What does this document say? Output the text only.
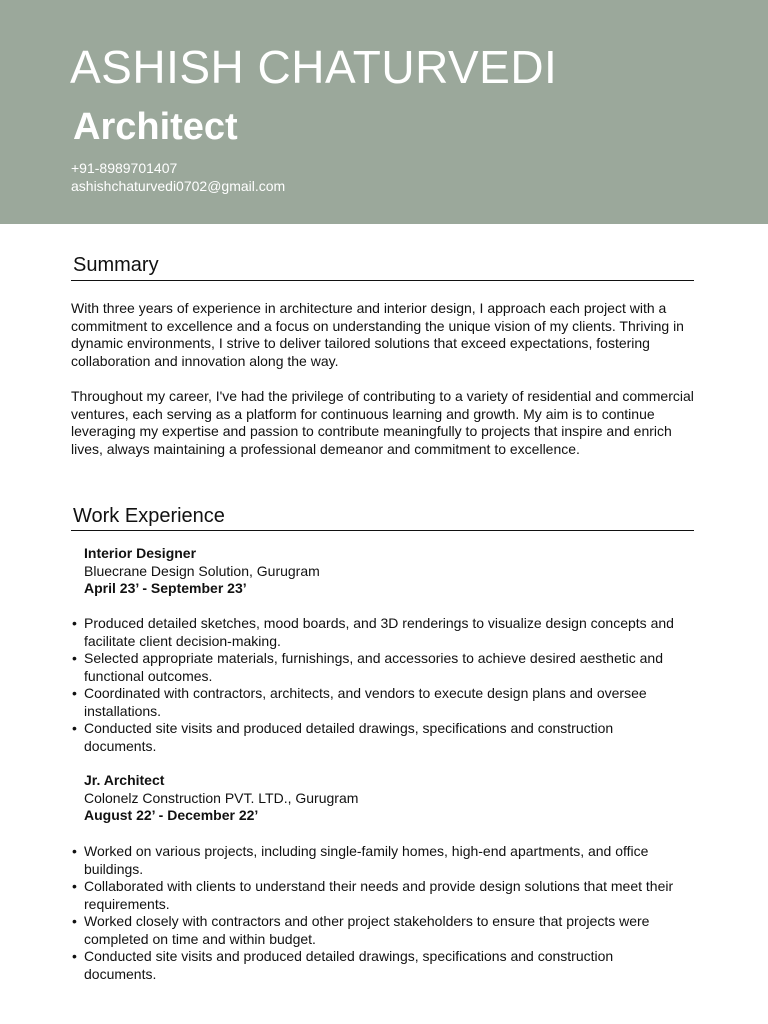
ASHISH CHATURVEDI
Architect
+91-8989701407
ashishchaturvedi0702@gmail.com
Summary

With three years of experience in architecture and interior design, I approach each project with a commitment to excellence and a focus on understanding the unique vision of my clients. Thriving in dynamic environments, I strive to deliver tailored solutions that exceed expectations, fostering collaboration and innovation along the way.

Throughout my career, I've had the privilege of contributing to a variety of residential and commercial ventures, each serving as a platform for continuous learning and growth. My aim is to continue leveraging my expertise and passion to contribute meaningfully to projects that inspire and enrich lives, always maintaining a professional demeanor and commitment to excellence.

Work Experience
Interior Designer
Bluecrane Design Solution, Gurugram
April 23’ - September 23’
• Produced detailed sketches, mood boards, and 3D renderings to visualize design concepts and facilitate client decision-making.
• Selected appropriate materials, furnishings, and accessories to achieve desired aesthetic and functional outcomes.
• Coordinated with contractors, architects, and vendors to execute design plans and oversee installations.
• Conducted site visits and produced detailed drawings, specifications and construction documents.
Jr. Architect
Colonelz Construction PVT. LTD., Gurugram
August 22’ - December 22’
• Worked on various projects, including single-family homes, high-end apartments, and office buildings.
• Collaborated with clients to understand their needs and provide design solutions that meet their requirements.
• Worked closely with contractors and other project stakeholders to ensure that projects were completed on time and within budget.
• Conducted site visits and produced detailed drawings, specifications and construction documents.
